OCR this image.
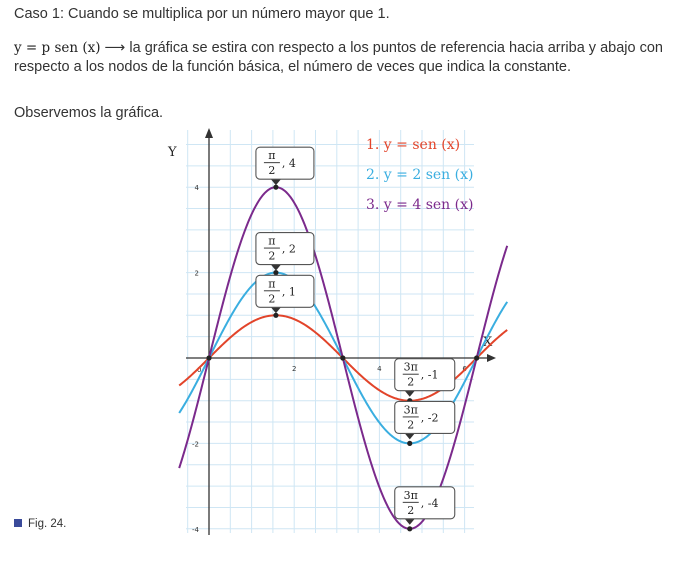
Caso 1: Cuando se multiplica por un número mayor que 1.

y = p sen (x) ⟶ la gráfica se estira con respecto a los puntos de referencia hacia arriba y abajo con respecto a los nodos de la función básica, el número de veces que indica la constante.

Observemos la gráfica.

X
Y
0	2	4	6
4
2
-2
-4
π
2
, 4
π
2
, 2
π
2
, 1
3π
2
, -1
3π
2
, -2
3π
2
, -4
1. y = sen (x)
2. y = 2 sen (x)
3. y = 4 sen (x)
Fig. 24.
